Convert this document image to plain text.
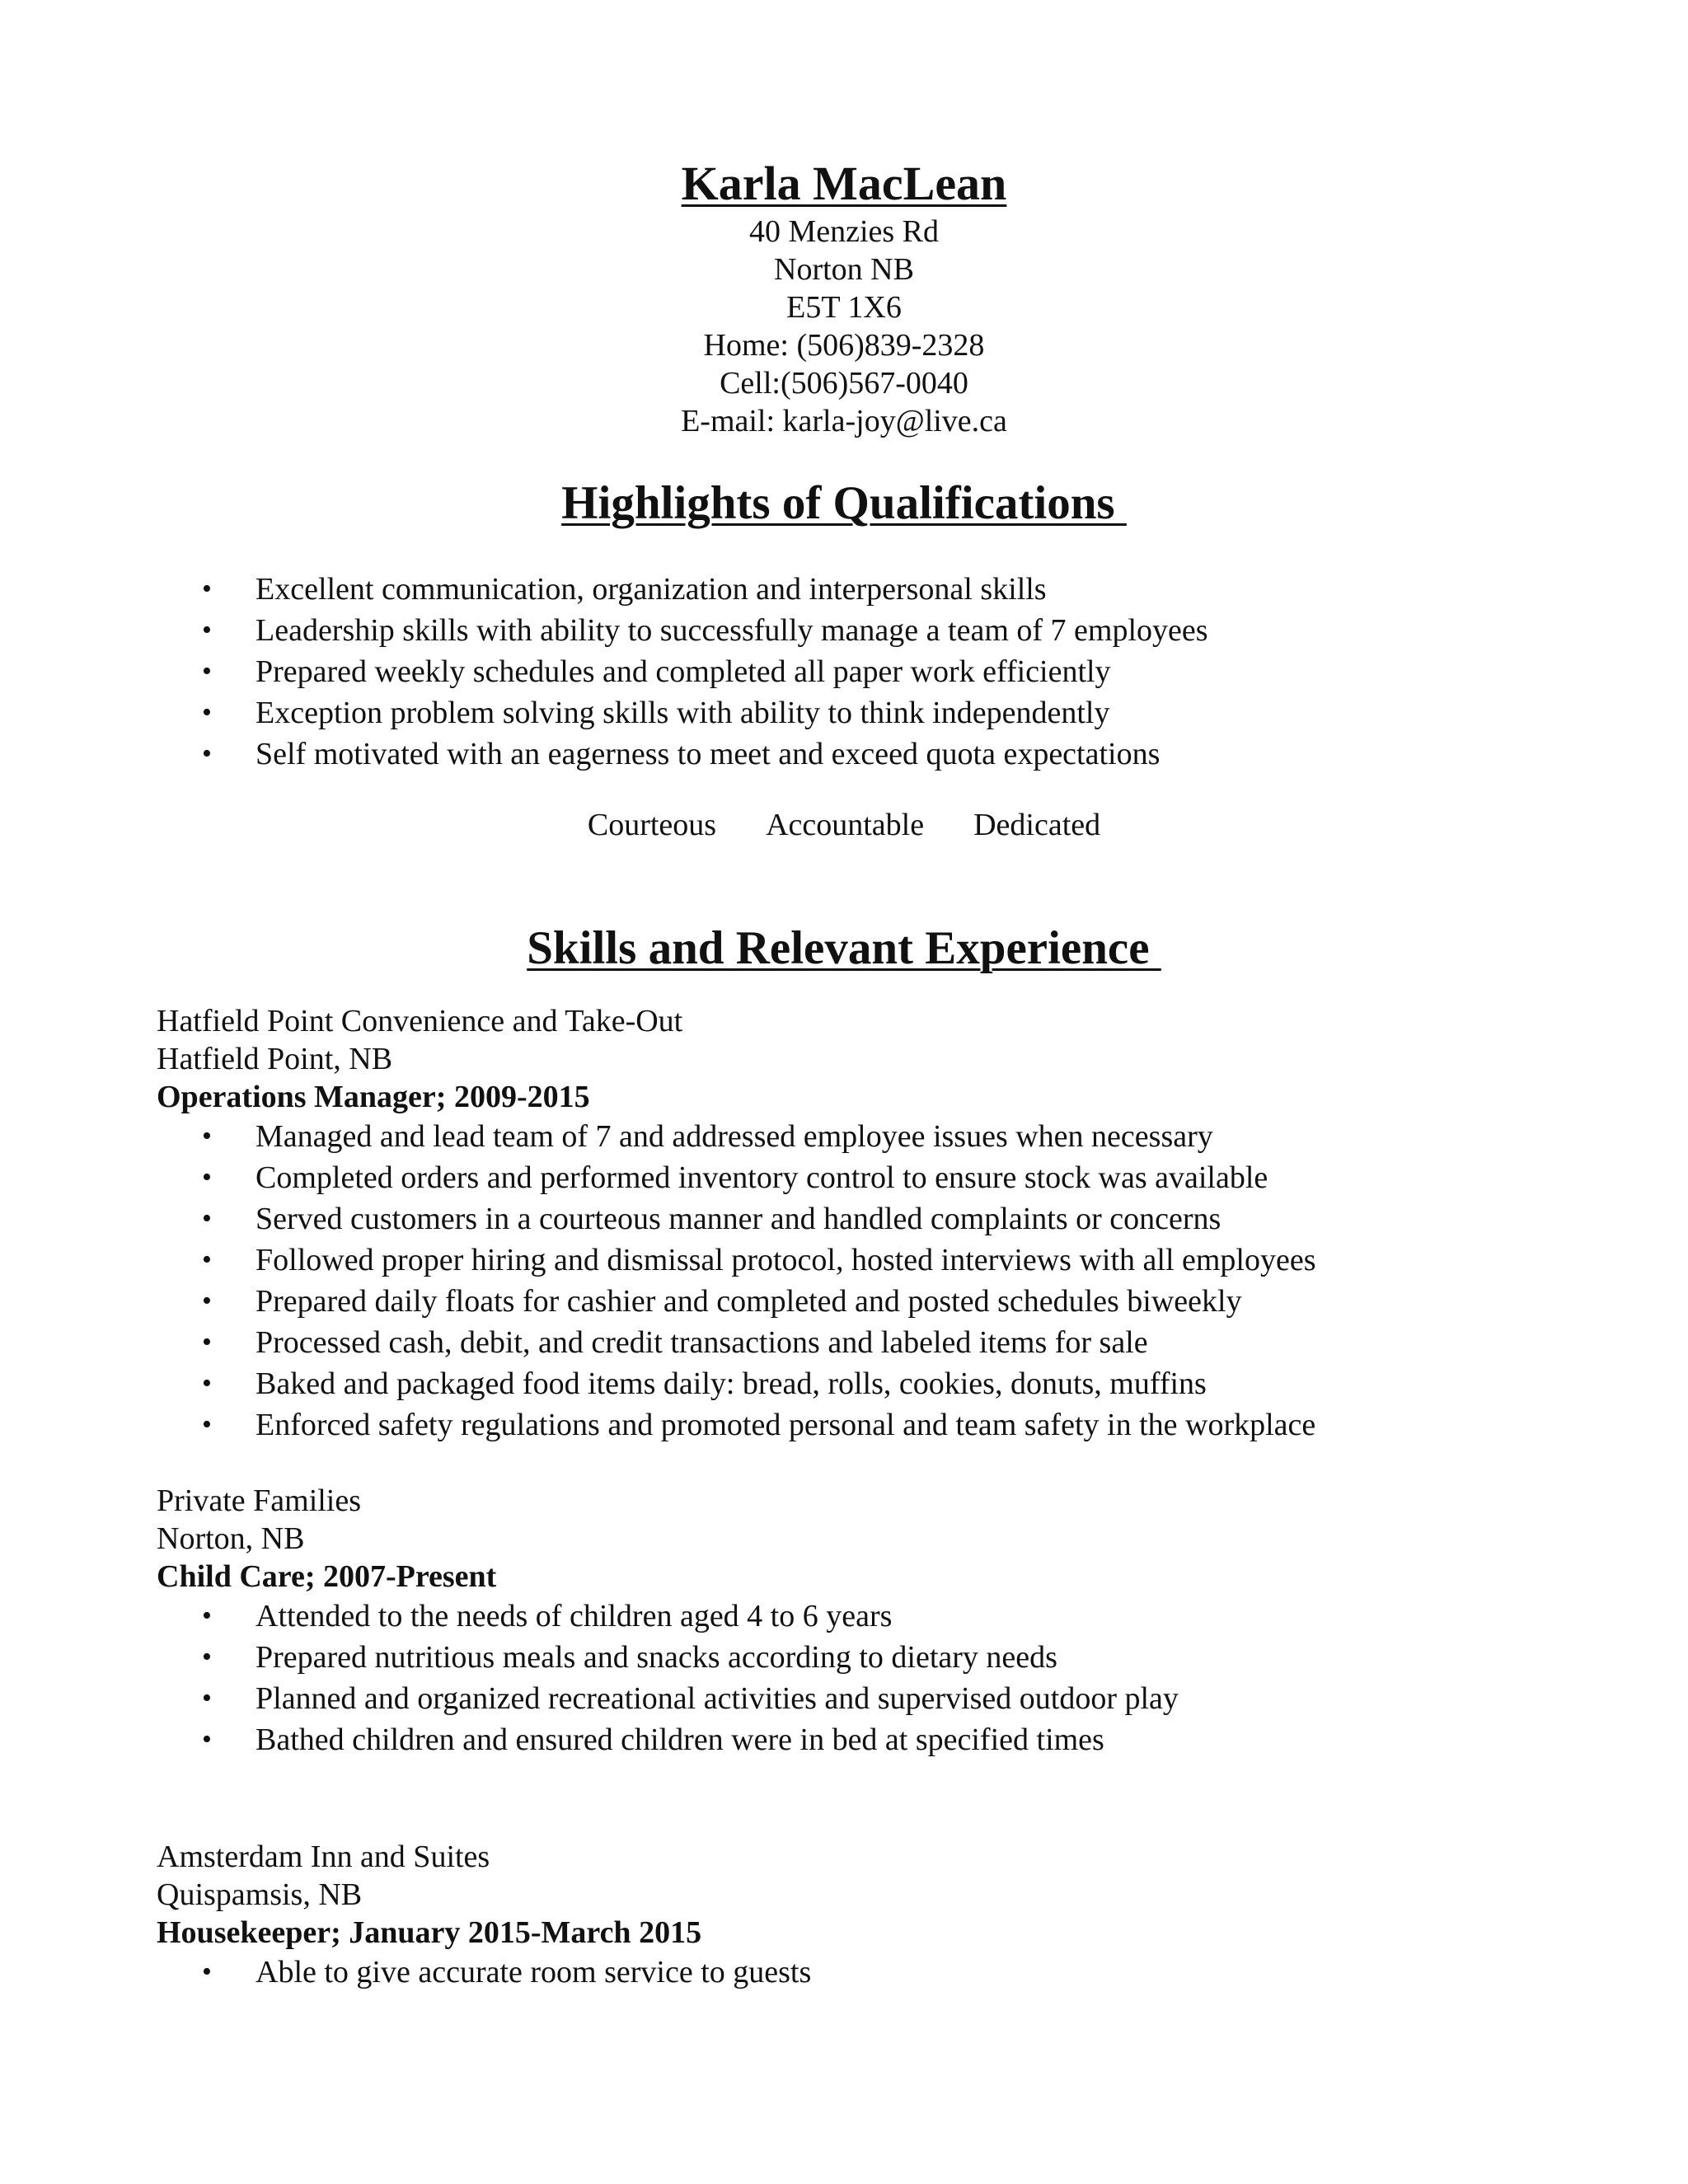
Karla MacLean

40 Menzies Rd

Norton NB

E5T 1X6

Home: (506)839-2328

Cell:(506)567-0040

E-mail: karla-joy@live.ca

Highlights of Qualifications

• Excellent communication, organization and interpersonal skills
• Leadership skills with ability to successfully manage a team of 7 employees
• Prepared weekly schedules and completed all paper work efficiently
• Exception problem solving skills with ability to think independently
• Self motivated with an eagerness to meet and exceed quota expectations
Courteous Accountable Dedicated

Skills and Relevant Experience

Hatfield Point Convenience and Take-Out

Hatfield Point, NB

Operations Manager; 2009-2015

• Managed and lead team of 7 and addressed employee issues when necessary
• Completed orders and performed inventory control to ensure stock was available
• Served customers in a courteous manner and handled complaints or concerns
• Followed proper hiring and dismissal protocol, hosted interviews with all employees
• Prepared daily floats for cashier and completed and posted schedules biweekly
• Processed cash, debit, and credit transactions and labeled items for sale
• Baked and packaged food items daily: bread, rolls, cookies, donuts, muffins
• Enforced safety regulations and promoted personal and team safety in the workplace

Private Families

Norton, NB

Child Care; 2007-Present

• Attended to the needs of children aged 4 to 6 years
• Prepared nutritious meals and snacks according to dietary needs
• Planned and organized recreational activities and supervised outdoor play
• Bathed children and ensured children were in bed at specified times

Amsterdam Inn and Suites

Quispamsis, NB

Housekeeper; January 2015-March 2015

• Able to give accurate room service to guests
